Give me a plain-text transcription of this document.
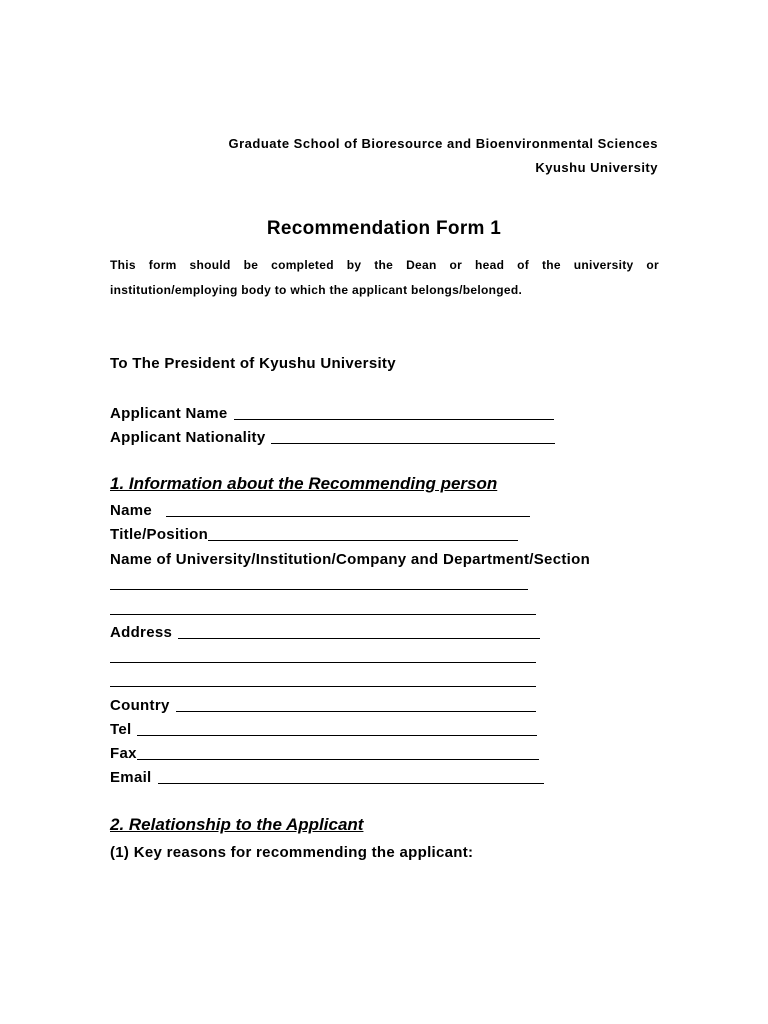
Graduate School of Bioresource and Bioenvironmental Sciences
Kyushu University
Recommendation Form 1
This form should be completed by the Dean or head of the university or
institution/employing body to which the applicant belongs/belonged.
To The President of Kyushu University
Applicant Name
Applicant Nationality
1. Information about the Recommending person
Name
Title/Position
Name of University/Institution/Company and Department/Section
Address
Country
Tel
Fax
Email
2. Relationship to the Applicant
(1) Key reasons for recommending the applicant:
